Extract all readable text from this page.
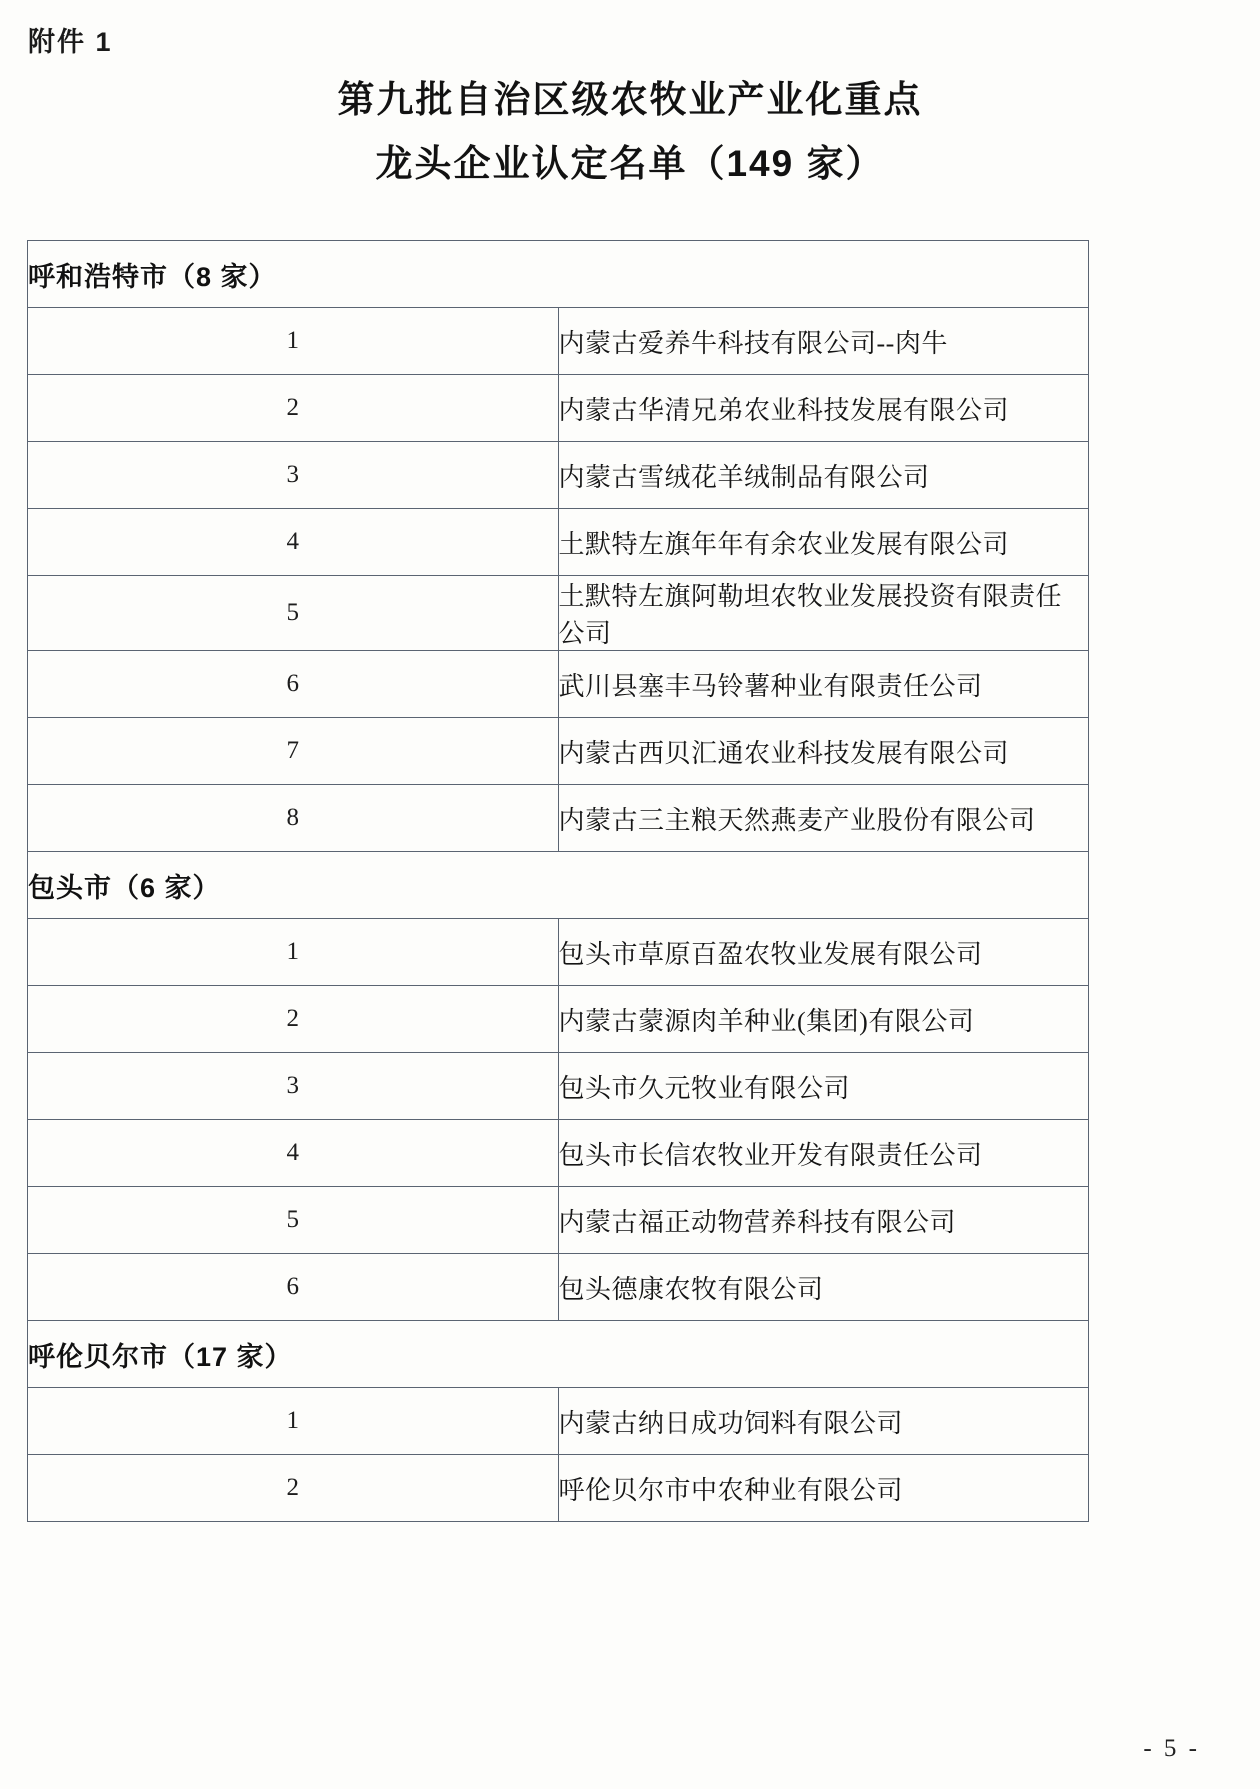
附件 1
第九批自治区级农牧业产业化重点
龙头企业认定名单（149 家）
呼和浩特市（8 家）	
1	内蒙古爱养牛科技有限公司--肉牛
2	内蒙古华清兄弟农业科技发展有限公司
3	内蒙古雪绒花羊绒制品有限公司
4	土默特左旗年年有余农业发展有限公司
5	土默特左旗阿勒坦农牧业发展投资有限责任公司
6	武川县塞丰马铃薯种业有限责任公司
7	内蒙古西贝汇通农业科技发展有限公司
8	内蒙古三主粮天然燕麦产业股份有限公司
包头市（6 家）	
1	包头市草原百盈农牧业发展有限公司
2	内蒙古蒙源肉羊种业(集团)有限公司
3	包头市久元牧业有限公司
4	包头市长信农牧业开发有限责任公司
5	内蒙古福正动物营养科技有限公司
6	包头德康农牧有限公司
呼伦贝尔市（17 家）	
1	内蒙古纳日成功饲料有限公司
2	呼伦贝尔市中农种业有限公司
- 5 -
